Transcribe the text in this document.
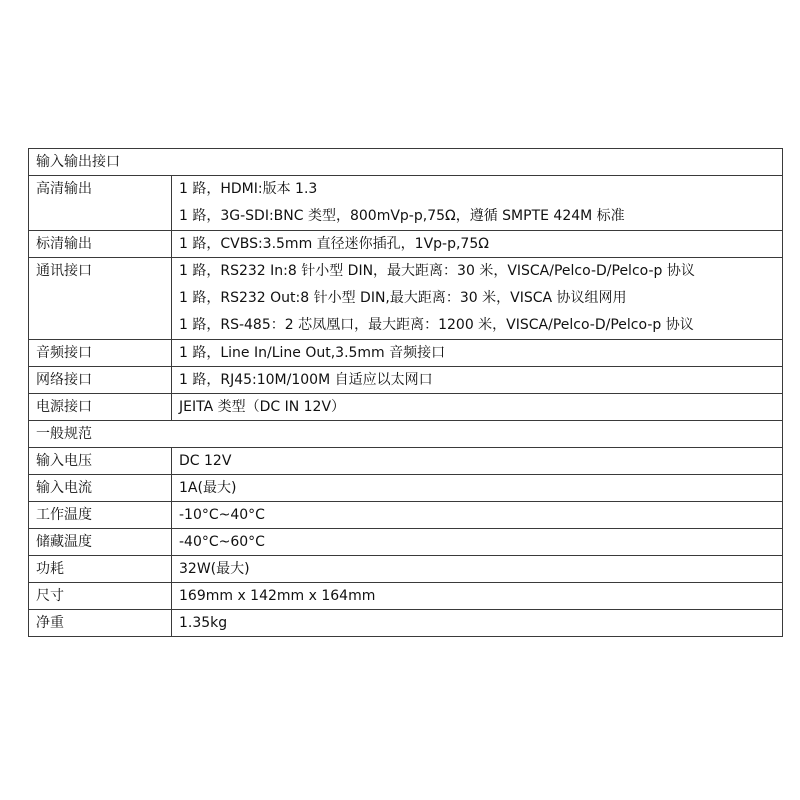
输入输出接口	
高清输出	1 路，HDMI:版本 1.3
1 路，3G-SDI:BNC 类型，800mVp-p,75Ω，遵循 SMPTE 424M 标准

标清输出	1 路，CVBS:3.5mm 直径迷你插孔，1Vp-p,75Ω

通讯接口	1 路，RS232 In:8 针小型 DIN，最大距离：30 米，VISCA/Pelco-D/Pelco-p 协议
1 路，RS232 Out:8 针小型 DIN,最大距离：30 米，VISCA 协议组网用
1 路，RS-485：2 芯凤凰口，最大距离：1200 米，VISCA/Pelco-D/Pelco-p 协议

音频接口	1 路，Line In/Line Out,3.5mm 音频接口

网络接口	1 路，RJ45:10M/100M 自适应以太网口

电源接口	JEITA 类型（DC IN 12V）

一般规范	
输入电压	DC 12V

输入电流	1A(最大)

工作温度	-10°C~40°C

储藏温度	-40°C~60°C

功耗	32W(最大)

尺寸	169mm x 142mm x 164mm

净重	1.35kg
